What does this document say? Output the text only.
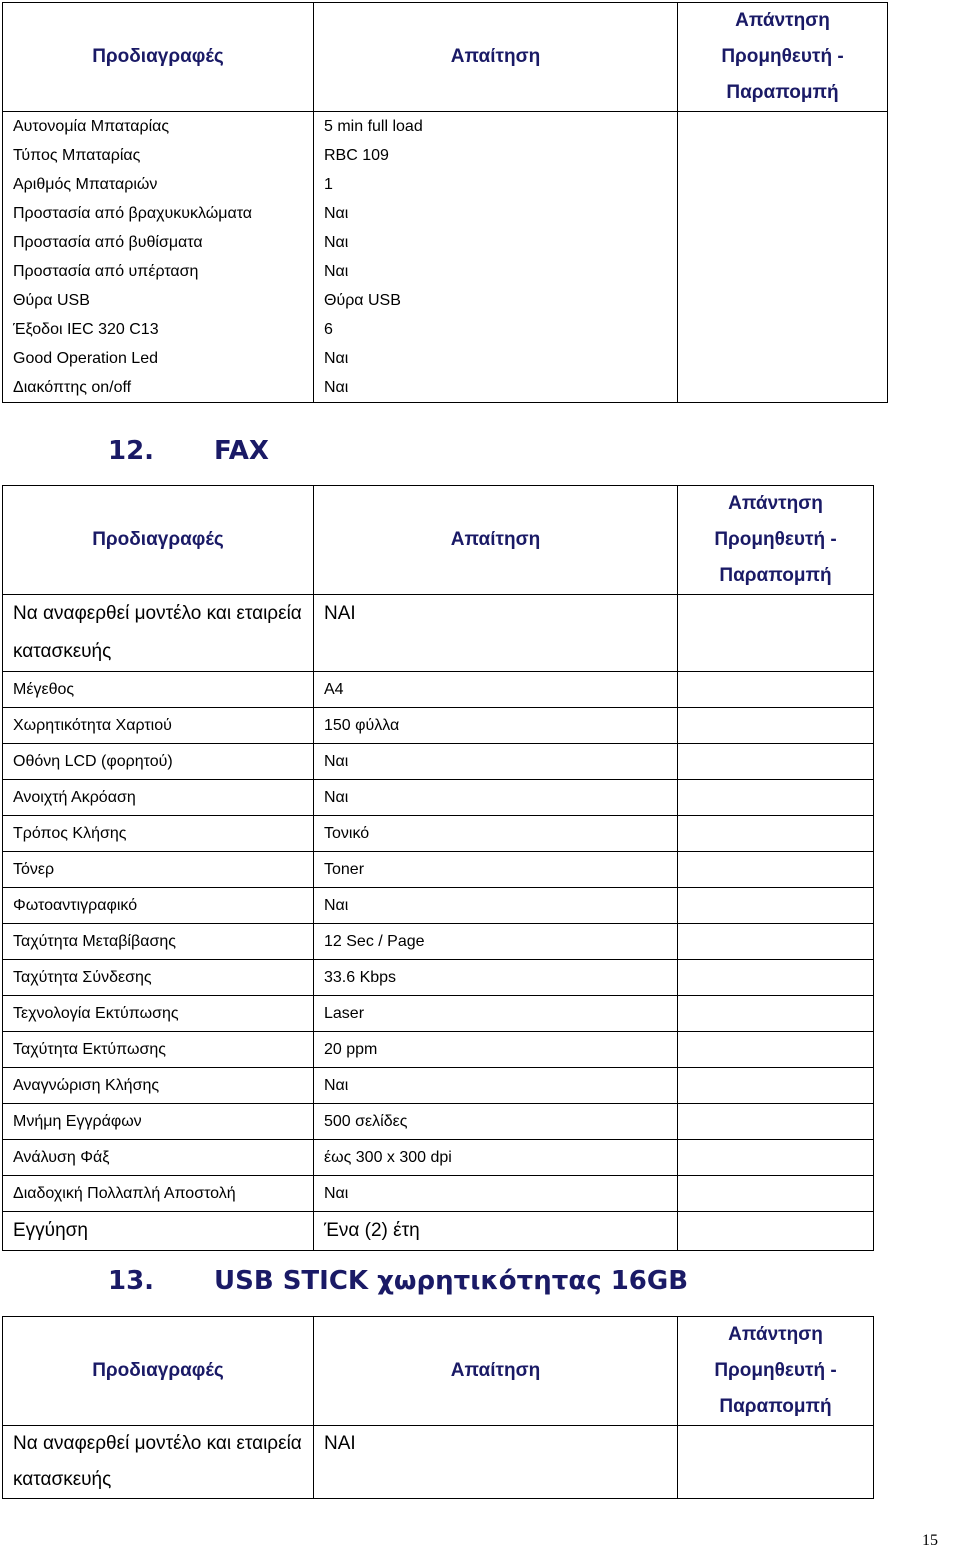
Προδιαγραφές	Απαίτηση	Απάντηση Προμηθευτή - Παραπομπή
Αυτονομία Μπαταρίας	5 min full load	
Τύπος Μπαταρίας	RBC 109	
Αριθμός Μπαταριών	1	
Προστασία από βραχυκυκλώματα	Ναι	
Προστασία από βυθίσματα	Ναι	
Προστασία από υπέρταση	Ναι	
Θύρα USB	Θύρα USB	
Έξοδοι IEC 320 C13	6	
Good Operation Led	Ναι	
Διακόπτης on/off	Ναι	
12. FAX
Προδιαγραφές	Απαίτηση	Απάντηση Προμηθευτή - Παραπομπή
Να αναφερθεί μοντέλο και εταιρεία κατασκευής	ΝΑΙ	
Μέγεθος	A4	
Χωρητικότητα Χαρτιού	150 φύλλα	
Οθόνη LCD (φορητού)	Ναι	
Ανοιχτή Ακρόαση	Ναι	
Τρόπος Κλήσης	Τονικό	
Τόνερ	Toner	
Φωτοαντιγραφικό	Ναι	
Ταχύτητα Μεταβίβασης	12 Sec / Page	
Ταχύτητα Σύνδεσης	33.6 Kbps	
Τεχνολογία Εκτύπωσης	Laser	
Ταχύτητα Εκτύπωσης	20 ppm	
Αναγνώριση Κλήσης	Ναι	
Μνήμη Εγγράφων	500 σελίδες	
Ανάλυση Φάξ	έως 300 x 300 dpi	
Διαδοχική Πολλαπλή Αποστολή	Ναι	
Εγγύηση	Ένα (2) έτη	
13. USB STICK χωρητικότητας 16GB
Προδιαγραφές	Απαίτηση	Απάντηση Προμηθευτή - Παραπομπή
Να αναφερθεί μοντέλο και εταιρεία κατασκευής	ΝΑΙ	
15
